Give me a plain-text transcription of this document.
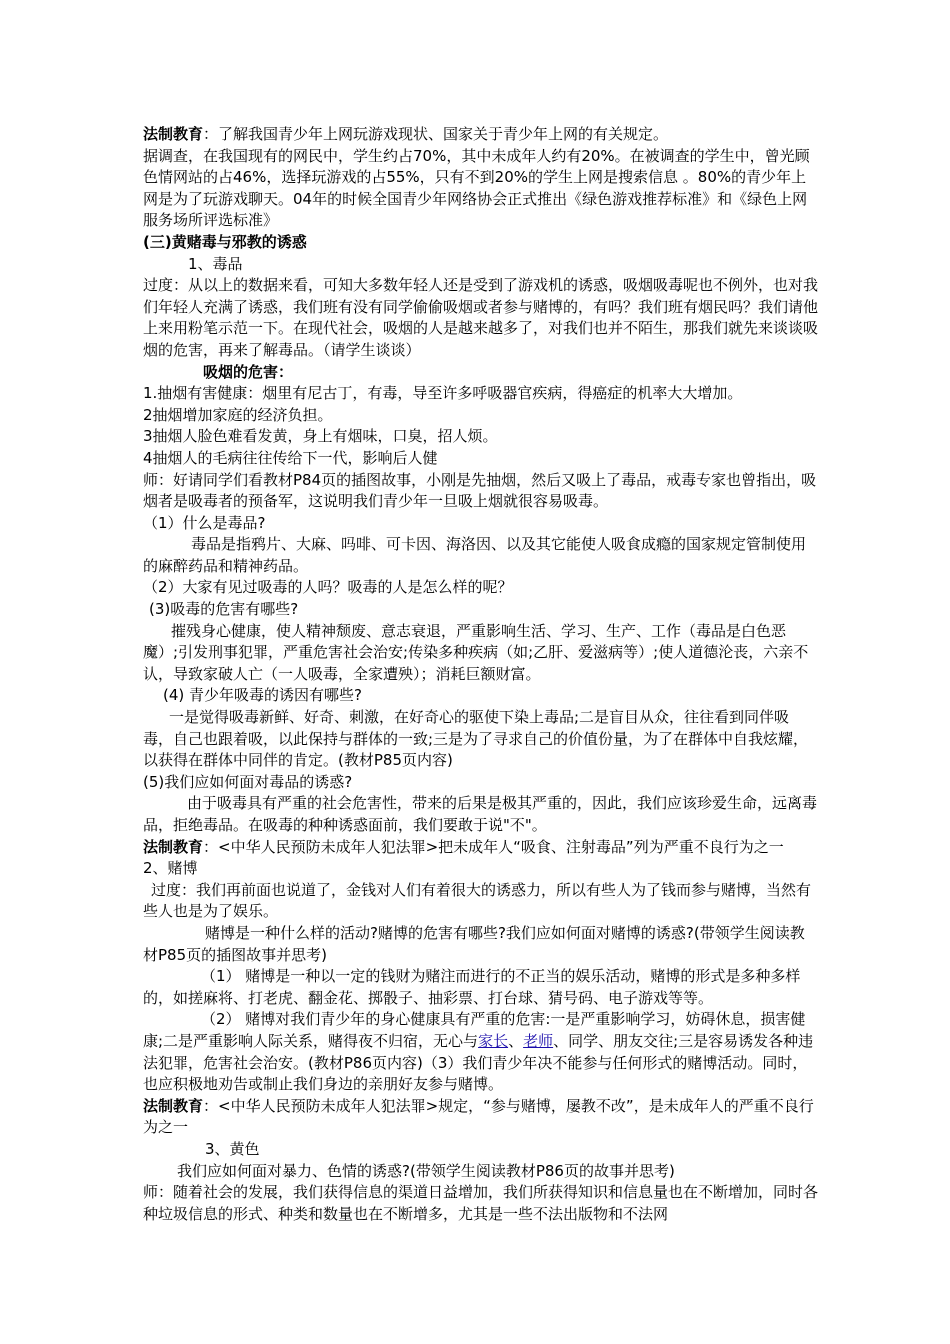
法制教育：了解我国青少年上网玩游戏现状、国家关于青少年上网的有关规定。

据调查，在我国现有的网民中，学生约占70%，其中未成年人约有20%。在被调查的学生中，曾光顾色情网站的占46%，选择玩游戏的占55%，只有不到20%的学生上网是搜索信息 。80%的青少年上网是为了玩游戏聊天。04年的时候全国青少年网络协会正式推出《绿色游戏推荐标准》和《绿色上网服务场所评选标准》

(三)黄赌毒与邪教的诱惑

1、毒品

过度：从以上的数据来看，可知大多数年轻人还是受到了游戏机的诱惑，吸烟吸毒呢也不例外，也对我们年轻人充满了诱惑，我们班有没有同学偷偷吸烟或者参与赌博的，有吗？我们班有烟民吗？我们请他上来用粉笔示范一下。在现代社会，吸烟的人是越来越多了，对我们也并不陌生，那我们就先来谈谈吸烟的危害，再来了解毒品。（请学生谈谈）

吸烟的危害：

1.抽烟有害健康：烟里有尼古丁，有毒，导至许多呼吸器官疾病，得癌症的机率大大增加。

2抽烟增加家庭的经济负担。

3抽烟人脸色难看发黄，身上有烟味，口臭，招人烦。

4抽烟人的毛病往往传给下一代，影响后人健

师：好请同学们看教材P84页的插图故事，小刚是先抽烟，然后又吸上了毒品，戒毒专家也曾指出，吸烟者是吸毒者的预备军，这说明我们青少年一旦吸上烟就很容易吸毒。

（1）什么是毒品?

毒品是指鸦片、大麻、吗啡、可卡因、海洛因、以及其它能使人吸食成瘾的国家规定管制使用的麻醉药品和精神药品。

（2）大家有见过吸毒的人吗？吸毒的人是怎么样的呢？

(3)吸毒的危害有哪些?

摧残身心健康，使人精神颓废、意志衰退，严重影响生活、学习、生产、工作（毒品是白色恶魔）;引发刑事犯罪，严重危害社会治安;传染多种疾病（如;乙肝、爱滋病等）;使人道德沦丧，六亲不认，导致家破人亡（一人吸毒，全家遭殃）；消耗巨额财富。

(4) 青少年吸毒的诱因有哪些?

一是觉得吸毒新鲜、好奇、刺激，在好奇心的驱使下染上毒品;二是盲目从众，往往看到同伴吸毒，自己也跟着吸，以此保持与群体的一致;三是为了寻求自己的价值份量，为了在群体中自我炫耀，以获得在群体中同伴的肯定。(教材P85页内容)

(5)我们应如何面对毒品的诱惑?

由于吸毒具有严重的社会危害性，带来的后果是极其严重的，因此，我们应该珍爱生命，远离毒品，拒绝毒品。在吸毒的种种诱惑面前，我们要敢于说"不"。

法制教育：<中华人民预防未成年人犯法罪>把未成年人“吸食、注射毒品”列为严重不良行为之一

2、赌博

过度：我们再前面也说道了，金钱对人们有着很大的诱惑力，所以有些人为了钱而参与赌博，当然有些人也是为了娱乐。

赌博是一种什么样的活动?赌博的危害有哪些?我们应如何面对赌博的诱惑?(带领学生阅读教材P85页的插图故事并思考)

（1） 赌博是一种以一定的钱财为赌注而进行的不正当的娱乐活动，赌博的形式是多种多样的，如搓麻将、打老虎、翻金花、掷骰子、抽彩票、打台球、猜号码、电子游戏等等。

（2） 赌博对我们青少年的身心健康具有严重的危害:一是严重影响学习，妨碍休息，损害健康;二是严重影响人际关系，赌得夜不归宿，无心与家长、老师、同学、朋友交往;三是容易诱发各种违法犯罪，危害社会治安。(教材P86页内容)（3）我们青少年决不能参与任何形式的赌博活动。同时，也应积极地劝告或制止我们身边的亲朋好友参与赌博。

法制教育：<中华人民预防未成年人犯法罪>规定，“参与赌博，屡教不改”，是未成年人的严重不良行为之一

3、黄色

我们应如何面对暴力、色情的诱惑?(带领学生阅读教材P86页的故事并思考)

师：随着社会的发展，我们获得信息的渠道日益增加，我们所获得知识和信息量也在不断增加，同时各种垃圾信息的形式、种类和数量也在不断增多，尤其是一些不法出版物和不法网
